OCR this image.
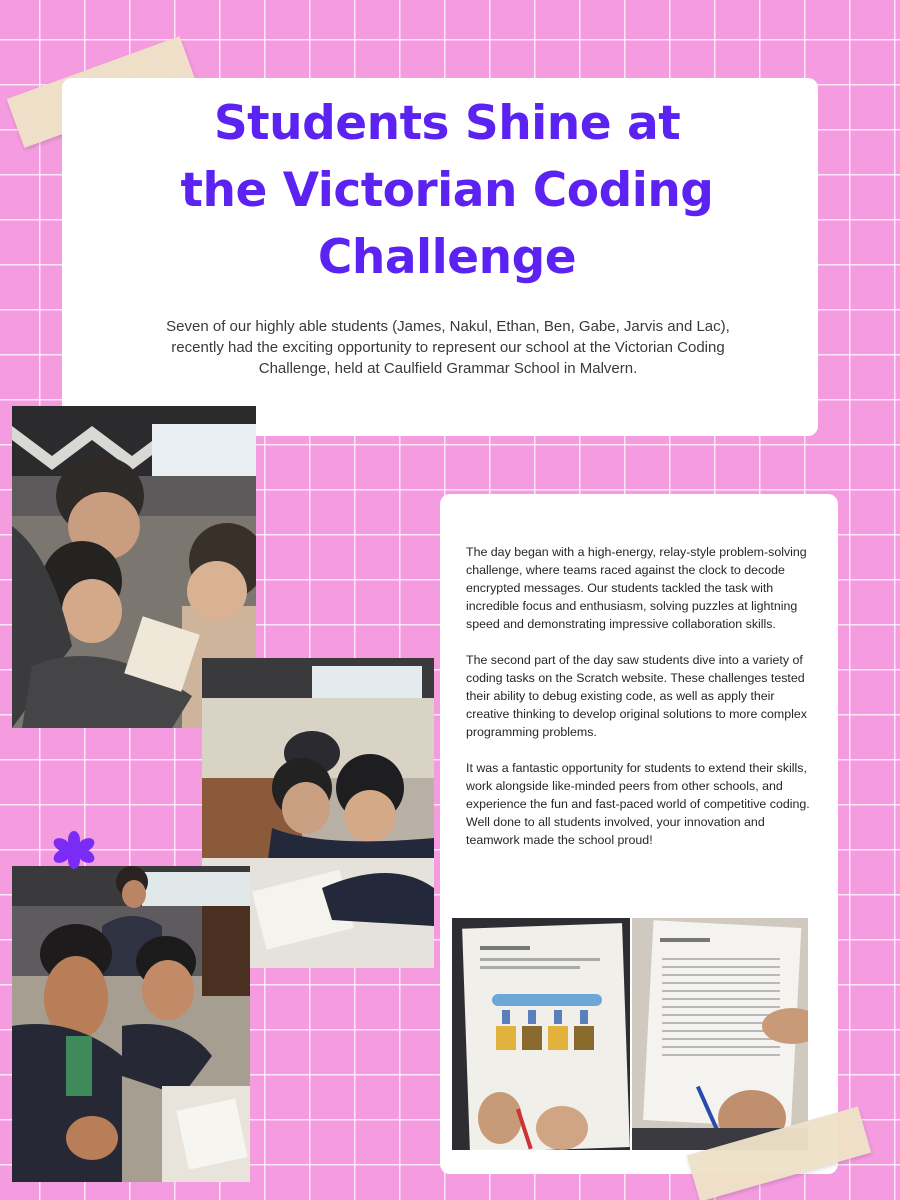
Students Shine at
the Victorian Coding
Challenge

Seven of our highly able students (James, Nakul, Ethan, Ben, Gabe, Jarvis and Lac), recently had the exciting opportunity to represent our school at the Victorian Coding Challenge, held at Caulfield Grammar School in Malvern.

The day began with a high-energy, relay-style problem-solving challenge, where teams raced against the clock to decode encrypted messages. Our students tackled the task with incredible focus and enthusiasm, solving puzzles at lightning speed and demonstrating impressive collaboration skills.

The second part of the day saw students dive into a variety of coding tasks on the Scratch website. These challenges tested their ability to debug existing code, as well as apply their creative thinking to develop original solutions to more complex programming problems.

It was a fantastic opportunity for students to extend their skills, work alongside like-minded peers from other schools, and experience the fun and fast-paced world of competitive coding. Well done to all students involved, your innovation and teamwork made the school proud!
